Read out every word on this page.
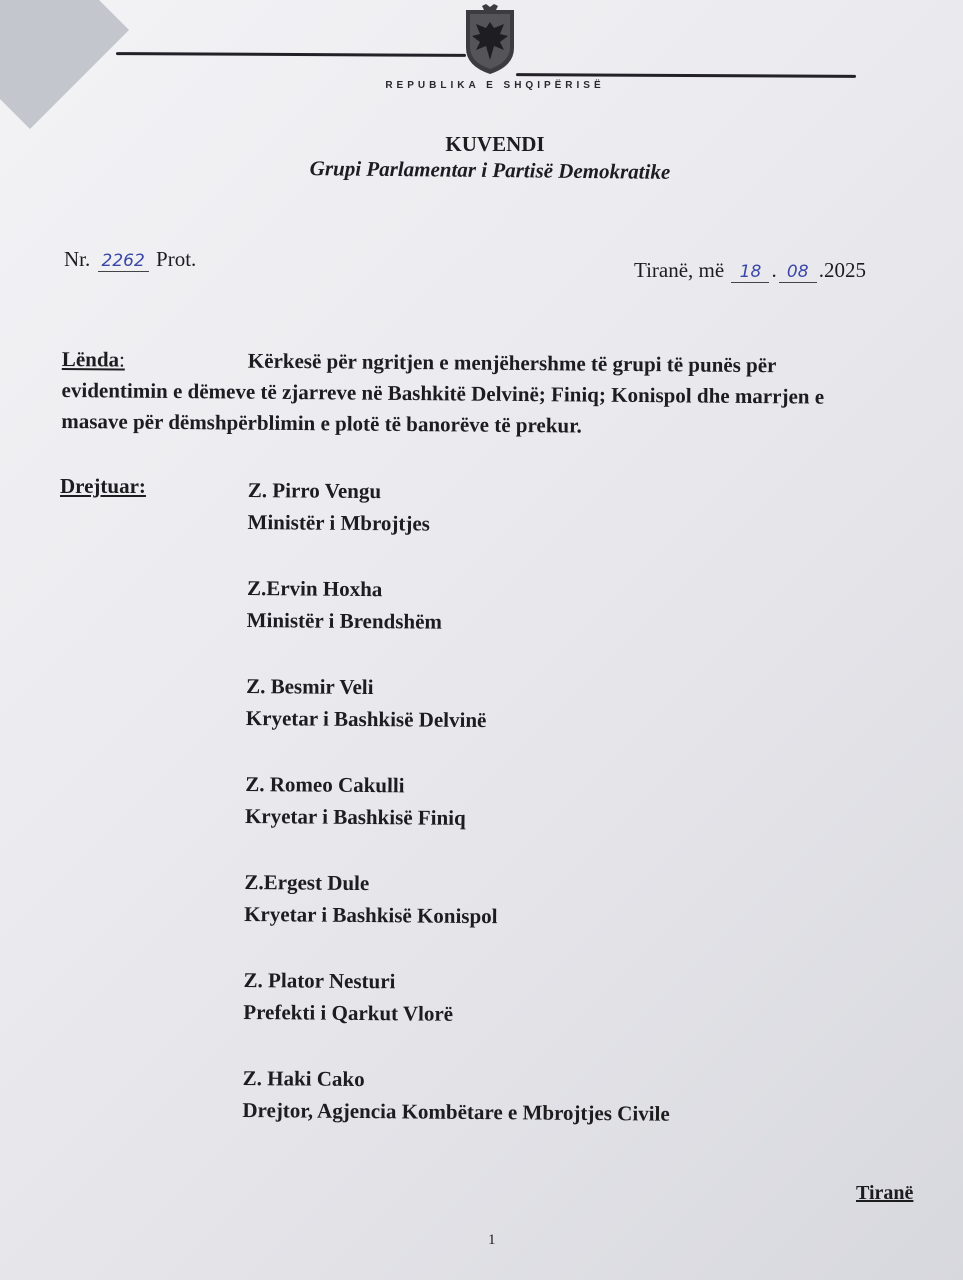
REPUBLIKA E SHQIPËRISË
KUVENDI
Grupi Parlamentar i Partisë Demokratike
Nr. 2262 Prot.	Tiranë, më 18 . 08 .2025
Lënda:	Kërkesë për ngritjen e menjëhershme të grupi të punës për evidentimin e dëmeve të zjarreve në Bashkitë Delvinë; Finiq; Konispol dhe marrjen e masave për dëmshpërblimin e plotë të banorëve të prekur.
Drejtuar:	Z. Pirro Vengu
Ministër i Mbrojtjes
Z.Ervin Hoxha
Ministër i Brendshëm
Z. Besmir Veli
Kryetar i Bashkisë Delvinë
Z. Romeo Cakulli
Kryetar i Bashkisë Finiq
Z.Ergest Dule
Kryetar i Bashkisë Konispol
Z. Plator Nesturi
Prefekti i Qarkut Vlorë
Z. Haki Cako
Drejtor, Agjencia Kombëtare e Mbrojtjes Civile
Tiranë
1
